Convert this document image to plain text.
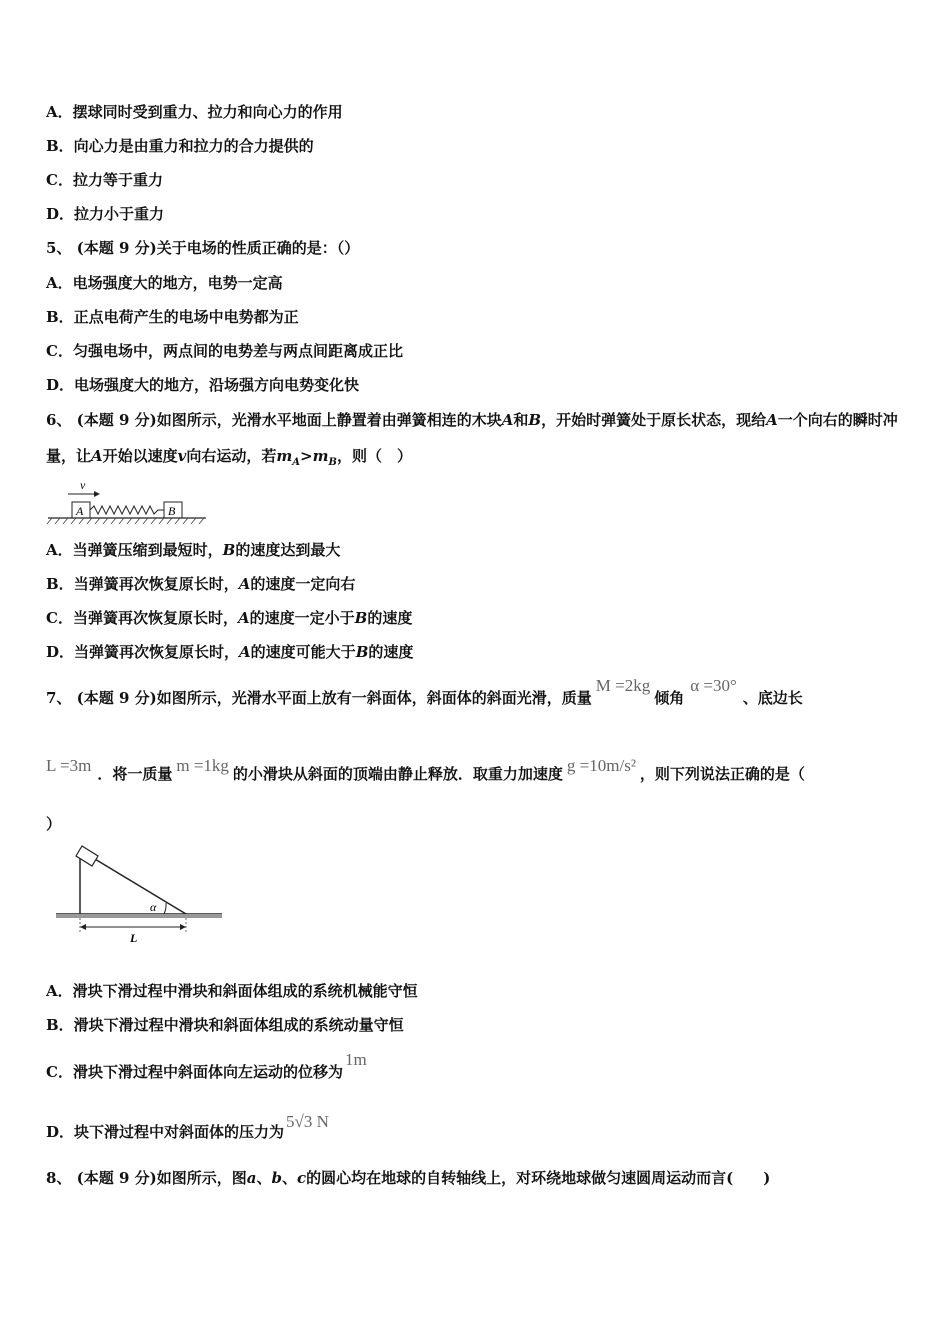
A．摆球同时受到重力、拉力和向心力的作用
B．向心力是由重力和拉力的合力提供的
C．拉力等于重力
D．拉力小于重力
5、 (本题 9 分)关于电场的性质正确的是：（）
A．电场强度大的地方，电势一定高
B．正点电荷产生的电场中电势都为正
C．匀强电场中，两点间的电势差与两点间距离成正比
D．电场强度大的地方，沿场强方向电势变化快
6、 (本题 9 分)如图所示，光滑水平地面上静置着由弹簧相连的木块A和B，开始时弹簧处于原长状态，现给A一个向右的瞬时冲量，让A开始以速度v向右运动，若$m_A>m_B$，则（　）
v
A	B
A．当弹簧压缩到最短时，B的速度达到最大
B．当弹簧再次恢复原长时，A的速度一定向右
C．当弹簧再次恢复原长时，A的速度一定小于B的速度
D．当弹簧再次恢复原长时，A的速度可能大于B的速度
7、 (本题 9 分)如图所示，光滑水平面上放有一斜面体，斜面体的斜面光滑，质量M =2kg倾角α =30°、底边长
L =3m ．将一质量 m =1kg 的小滑块从斜面的顶端由静止释放．取重力加速度 g =10m/s² ，则下列说法正确的是（
）
α
L
A．滑块下滑过程中滑块和斜面体组成的系统机械能守恒
B．滑块下滑过程中滑块和斜面体组成的系统动量守恒
C．滑块下滑过程中斜面体向左运动的位移为1m
D．块下滑过程中对斜面体的压力为5√3 N
8、 (本题 9 分)如图所示，图a、b、c的圆心均在地球的自转轴线上，对环绕地球做匀速圆周运动而言(　　)
